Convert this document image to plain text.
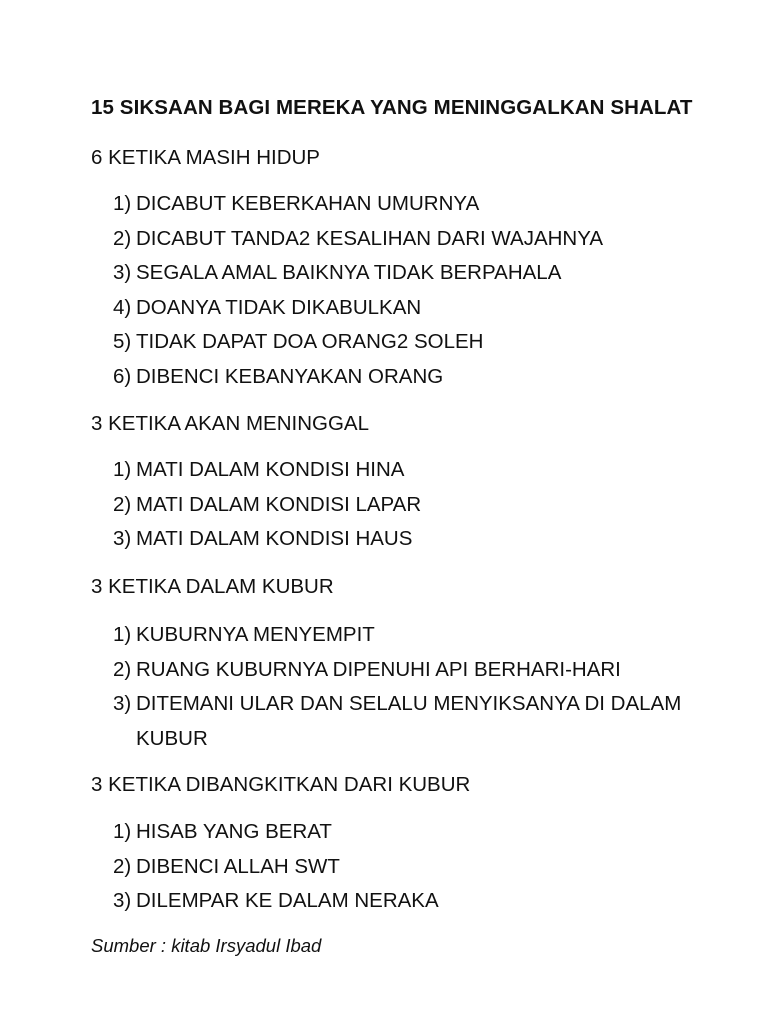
15 SIKSAAN BAGI MEREKA YANG MENINGGALKAN SHALAT
6 KETIKA MASIH HIDUP
1) DICABUT KEBERKAHAN UMURNYA
2) DICABUT TANDA2 KESALIHAN DARI WAJAHNYA
3) SEGALA AMAL BAIKNYA TIDAK BERPAHALA
4) DOANYA TIDAK DIKABULKAN
5) TIDAK DAPAT DOA ORANG2 SOLEH
6) DIBENCI KEBANYAKAN ORANG
3 KETIKA AKAN MENINGGAL
1) MATI DALAM KONDISI HINA
2) MATI DALAM KONDISI LAPAR
3) MATI DALAM KONDISI HAUS
3 KETIKA DALAM KUBUR
1) KUBURNYA MENYEMPIT
2) RUANG KUBURNYA DIPENUHI API BERHARI-HARI
3) DITEMANI ULAR DAN SELALU MENYIKSANYA DI DALAM KUBUR
3 KETIKA DIBANGKITKAN DARI KUBUR
1) HISAB YANG BERAT
2) DIBENCI ALLAH SWT
3) DILEMPAR KE DALAM NERAKA
Sumber : kitab Irsyadul Ibad
